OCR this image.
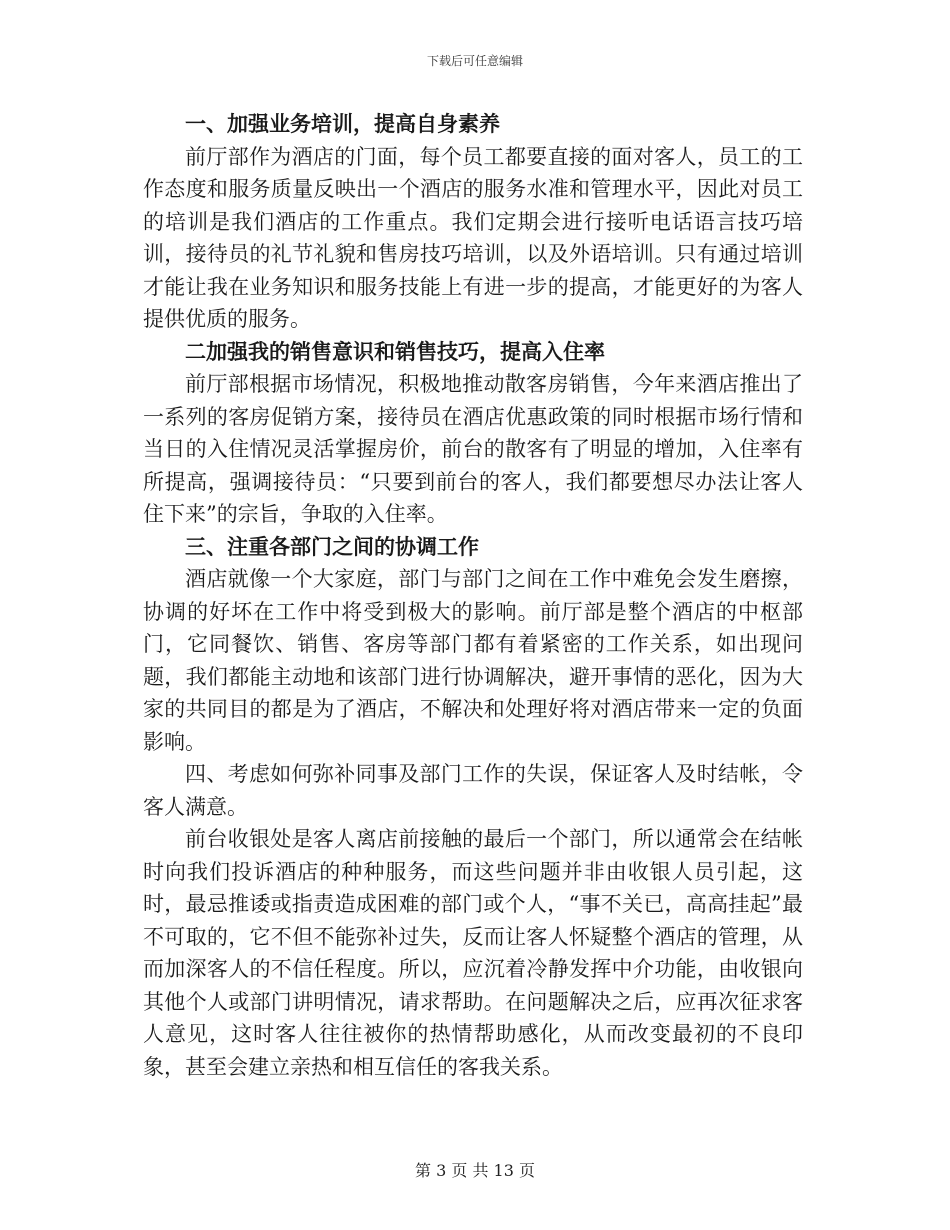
下载后可任意编辑

一、加强业务培训，提高自身素养

前厅部作为酒店的门面，每个员工都要直接的面对客人，员工的工作态度和服务质量反映出一个酒店的服务水准和管理水平，因此对员工的培训是我们酒店的工作重点。我们定期会进行接听电话语言技巧培训，接待员的礼节礼貌和售房技巧培训，以及外语培训。只有通过培训才能让我在业务知识和服务技能上有进一步的提高，才能更好的为客人提供优质的服务。

二加强我的销售意识和销售技巧，提高入住率

前厅部根据市场情况，积极地推动散客房销售，今年来酒店推出了一系列的客房促销方案，接待员在酒店优惠政策的同时根据市场行情和当日的入住情况灵活掌握房价，前台的散客有了明显的增加，入住率有所提高，强调接待员：“只要到前台的客人，我们都要想尽办法让客人住下来”的宗旨，争取的入住率。

三、注重各部门之间的协调工作

酒店就像一个大家庭，部门与部门之间在工作中难免会发生磨擦，协调的好坏在工作中将受到极大的影响。前厅部是整个酒店的中枢部门，它同餐饮、销售、客房等部门都有着紧密的工作关系，如出现问题，我们都能主动地和该部门进行协调解决，避开事情的恶化，因为大家的共同目的都是为了酒店，不解决和处理好将对酒店带来一定的负面影响。

四、考虑如何弥补同事及部门工作的失误，保证客人及时结帐，令客人满意。

前台收银处是客人离店前接触的最后一个部门，所以通常会在结帐时向我们投诉酒店的种种服务，而这些问题并非由收银人员引起，这时，最忌推诿或指责造成困难的部门或个人，“事不关已，高高挂起”最不可取的，它不但不能弥补过失，反而让客人怀疑整个酒店的管理，从而加深客人的不信任程度。所以，应沉着冷静发挥中介功能，由收银向其他个人或部门讲明情况，请求帮助。在问题解决之后，应再次征求客人意见，这时客人往往被你的热情帮助感化，从而改变最初的不良印象，甚至会建立亲热和相互信任的客我关系。

第 3 页 共 13 页
